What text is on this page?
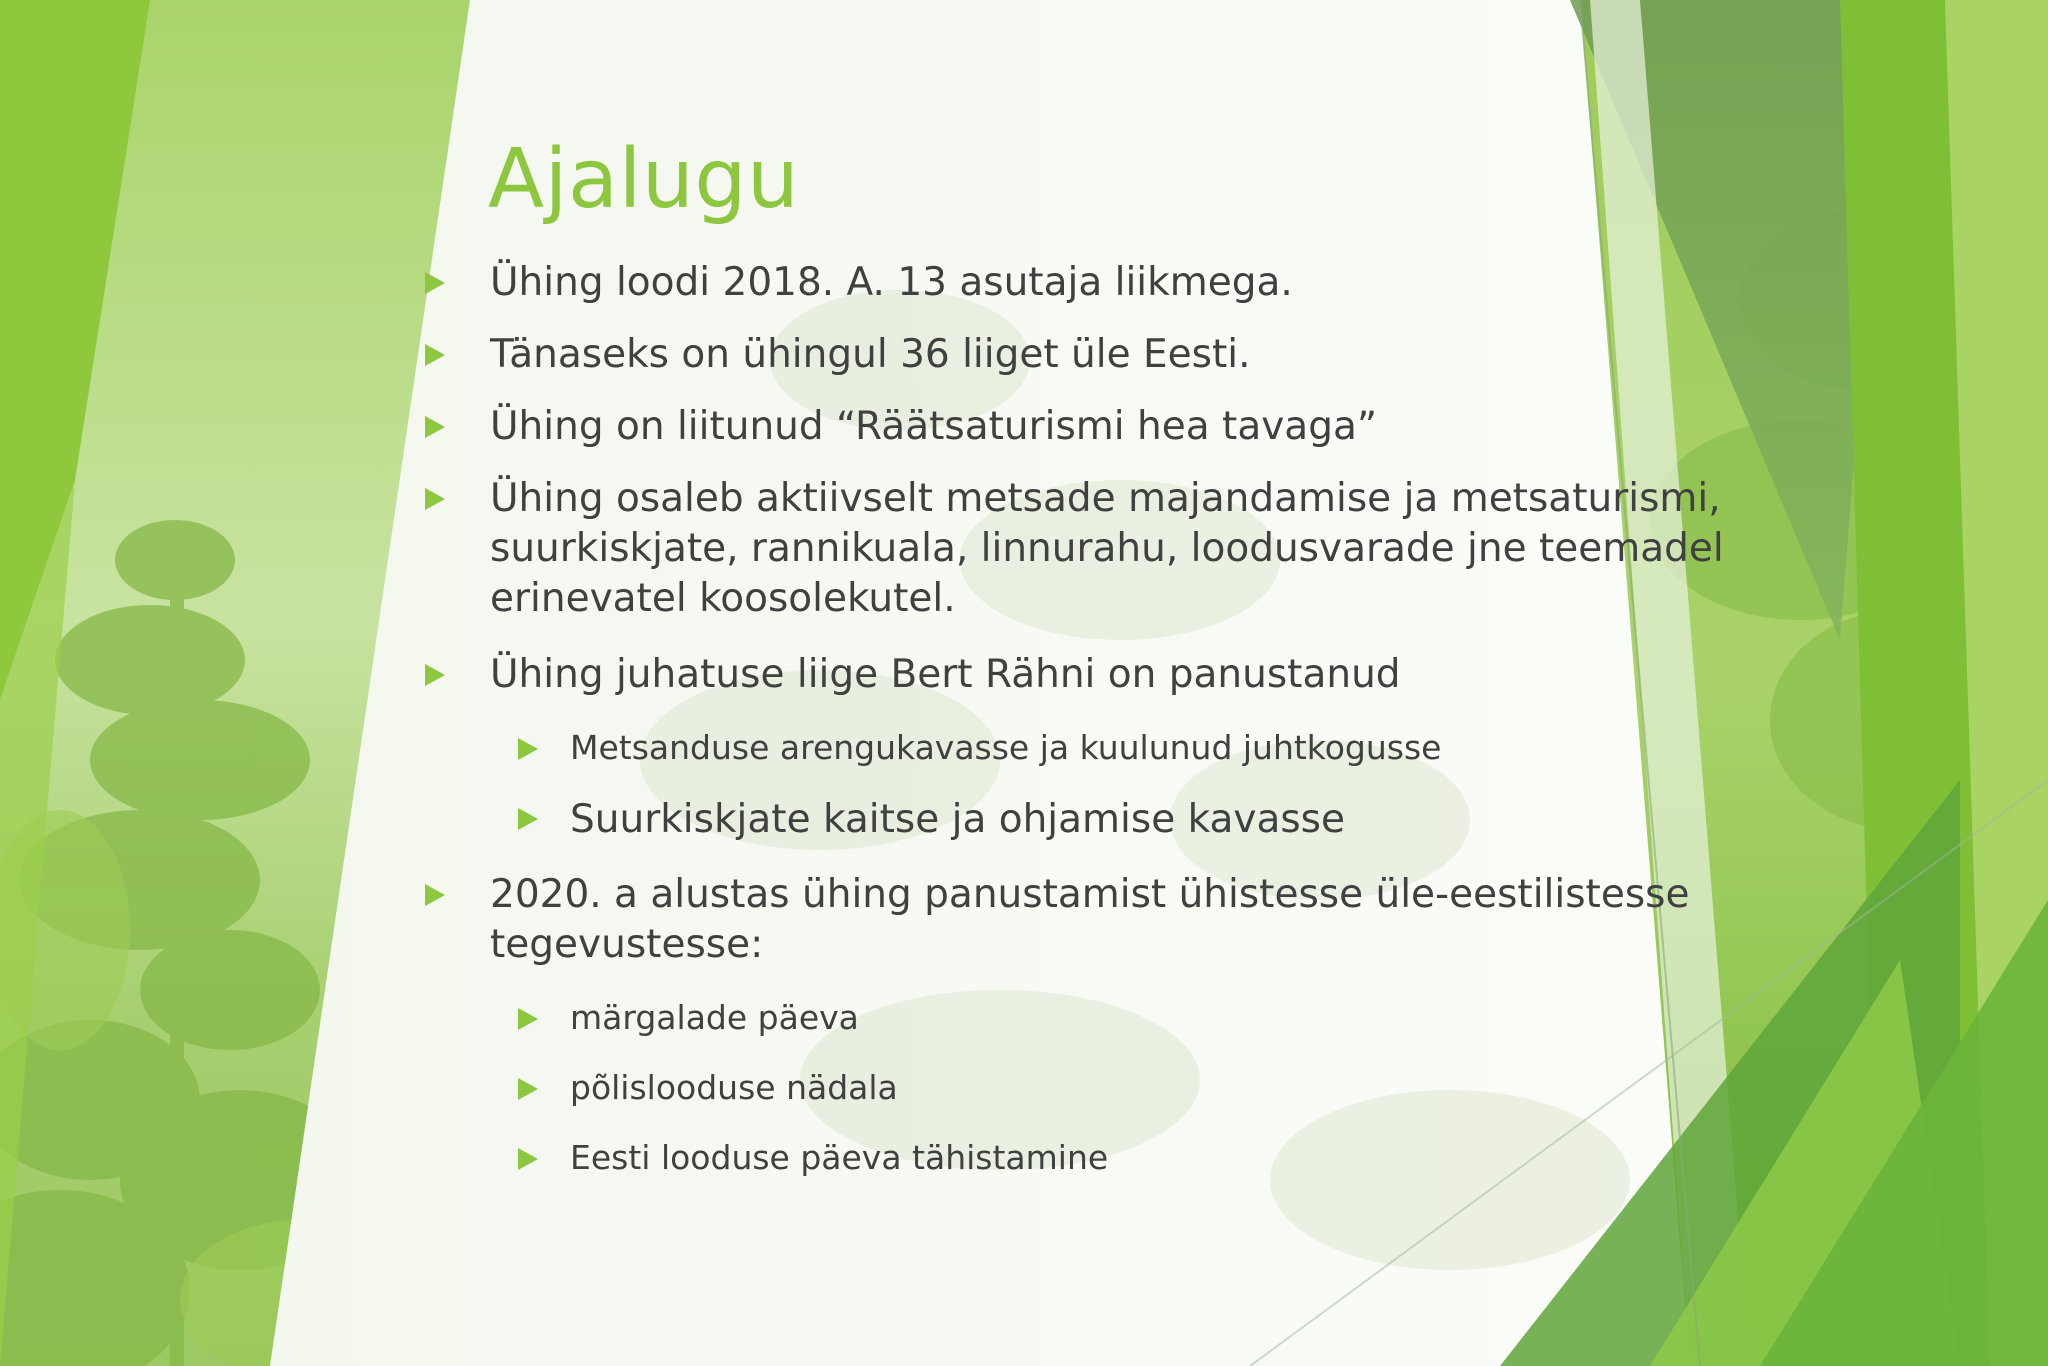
Ajalugu
Ühing loodi 2018. A. 13 asutaja liikmega.
Tänaseks on ühingul 36 liiget üle Eesti.
Ühing on liitunud “Räätsaturismi hea tavaga”
Ühing osaleb aktiivselt metsade majandamise ja metsaturismi, suurkiskjate, rannikuala, linnurahu, loodusvarade jne teemadel erinevatel koosolekutel.
Ühing juhatuse liige Bert Rähni on panustanud
Metsanduse arengukavasse ja kuulunud juhtkogusse
Suurkiskjate kaitse ja ohjamise kavasse
2020. a alustas ühing panustamist ühistesse üle-eestilistesse tegevustesse:
märgalade päeva
põlislooduse nädala
Eesti looduse päeva tähistamine
